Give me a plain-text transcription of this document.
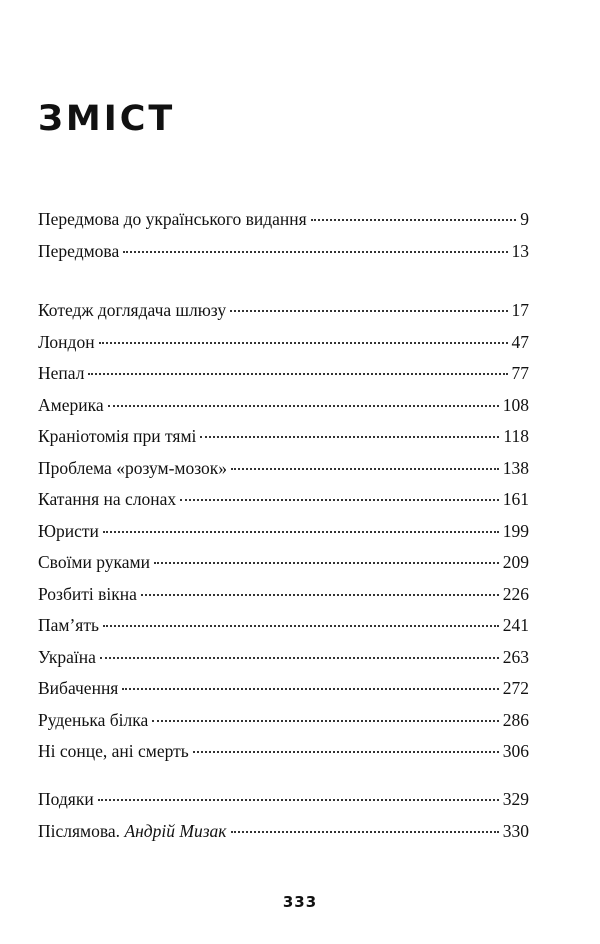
ЗМІСТ
Передмова до українського видання	9
Передмова	13
Котедж доглядача шлюзу	17
Лондон	47
Непал	77
Америка	108
Краніотомія при тямі	118
Проблема «розум-мозок»	138
Катання на слонах	161
Юристи	199
Своїми руками	209
Розбиті вікна	226
Пам’ять	241
Україна	263
Вибачення	272
Руденька білка	286
Ні сонце, ані смерть	306
Подяки	329
Післямова. Андрій Мизак	330
333
